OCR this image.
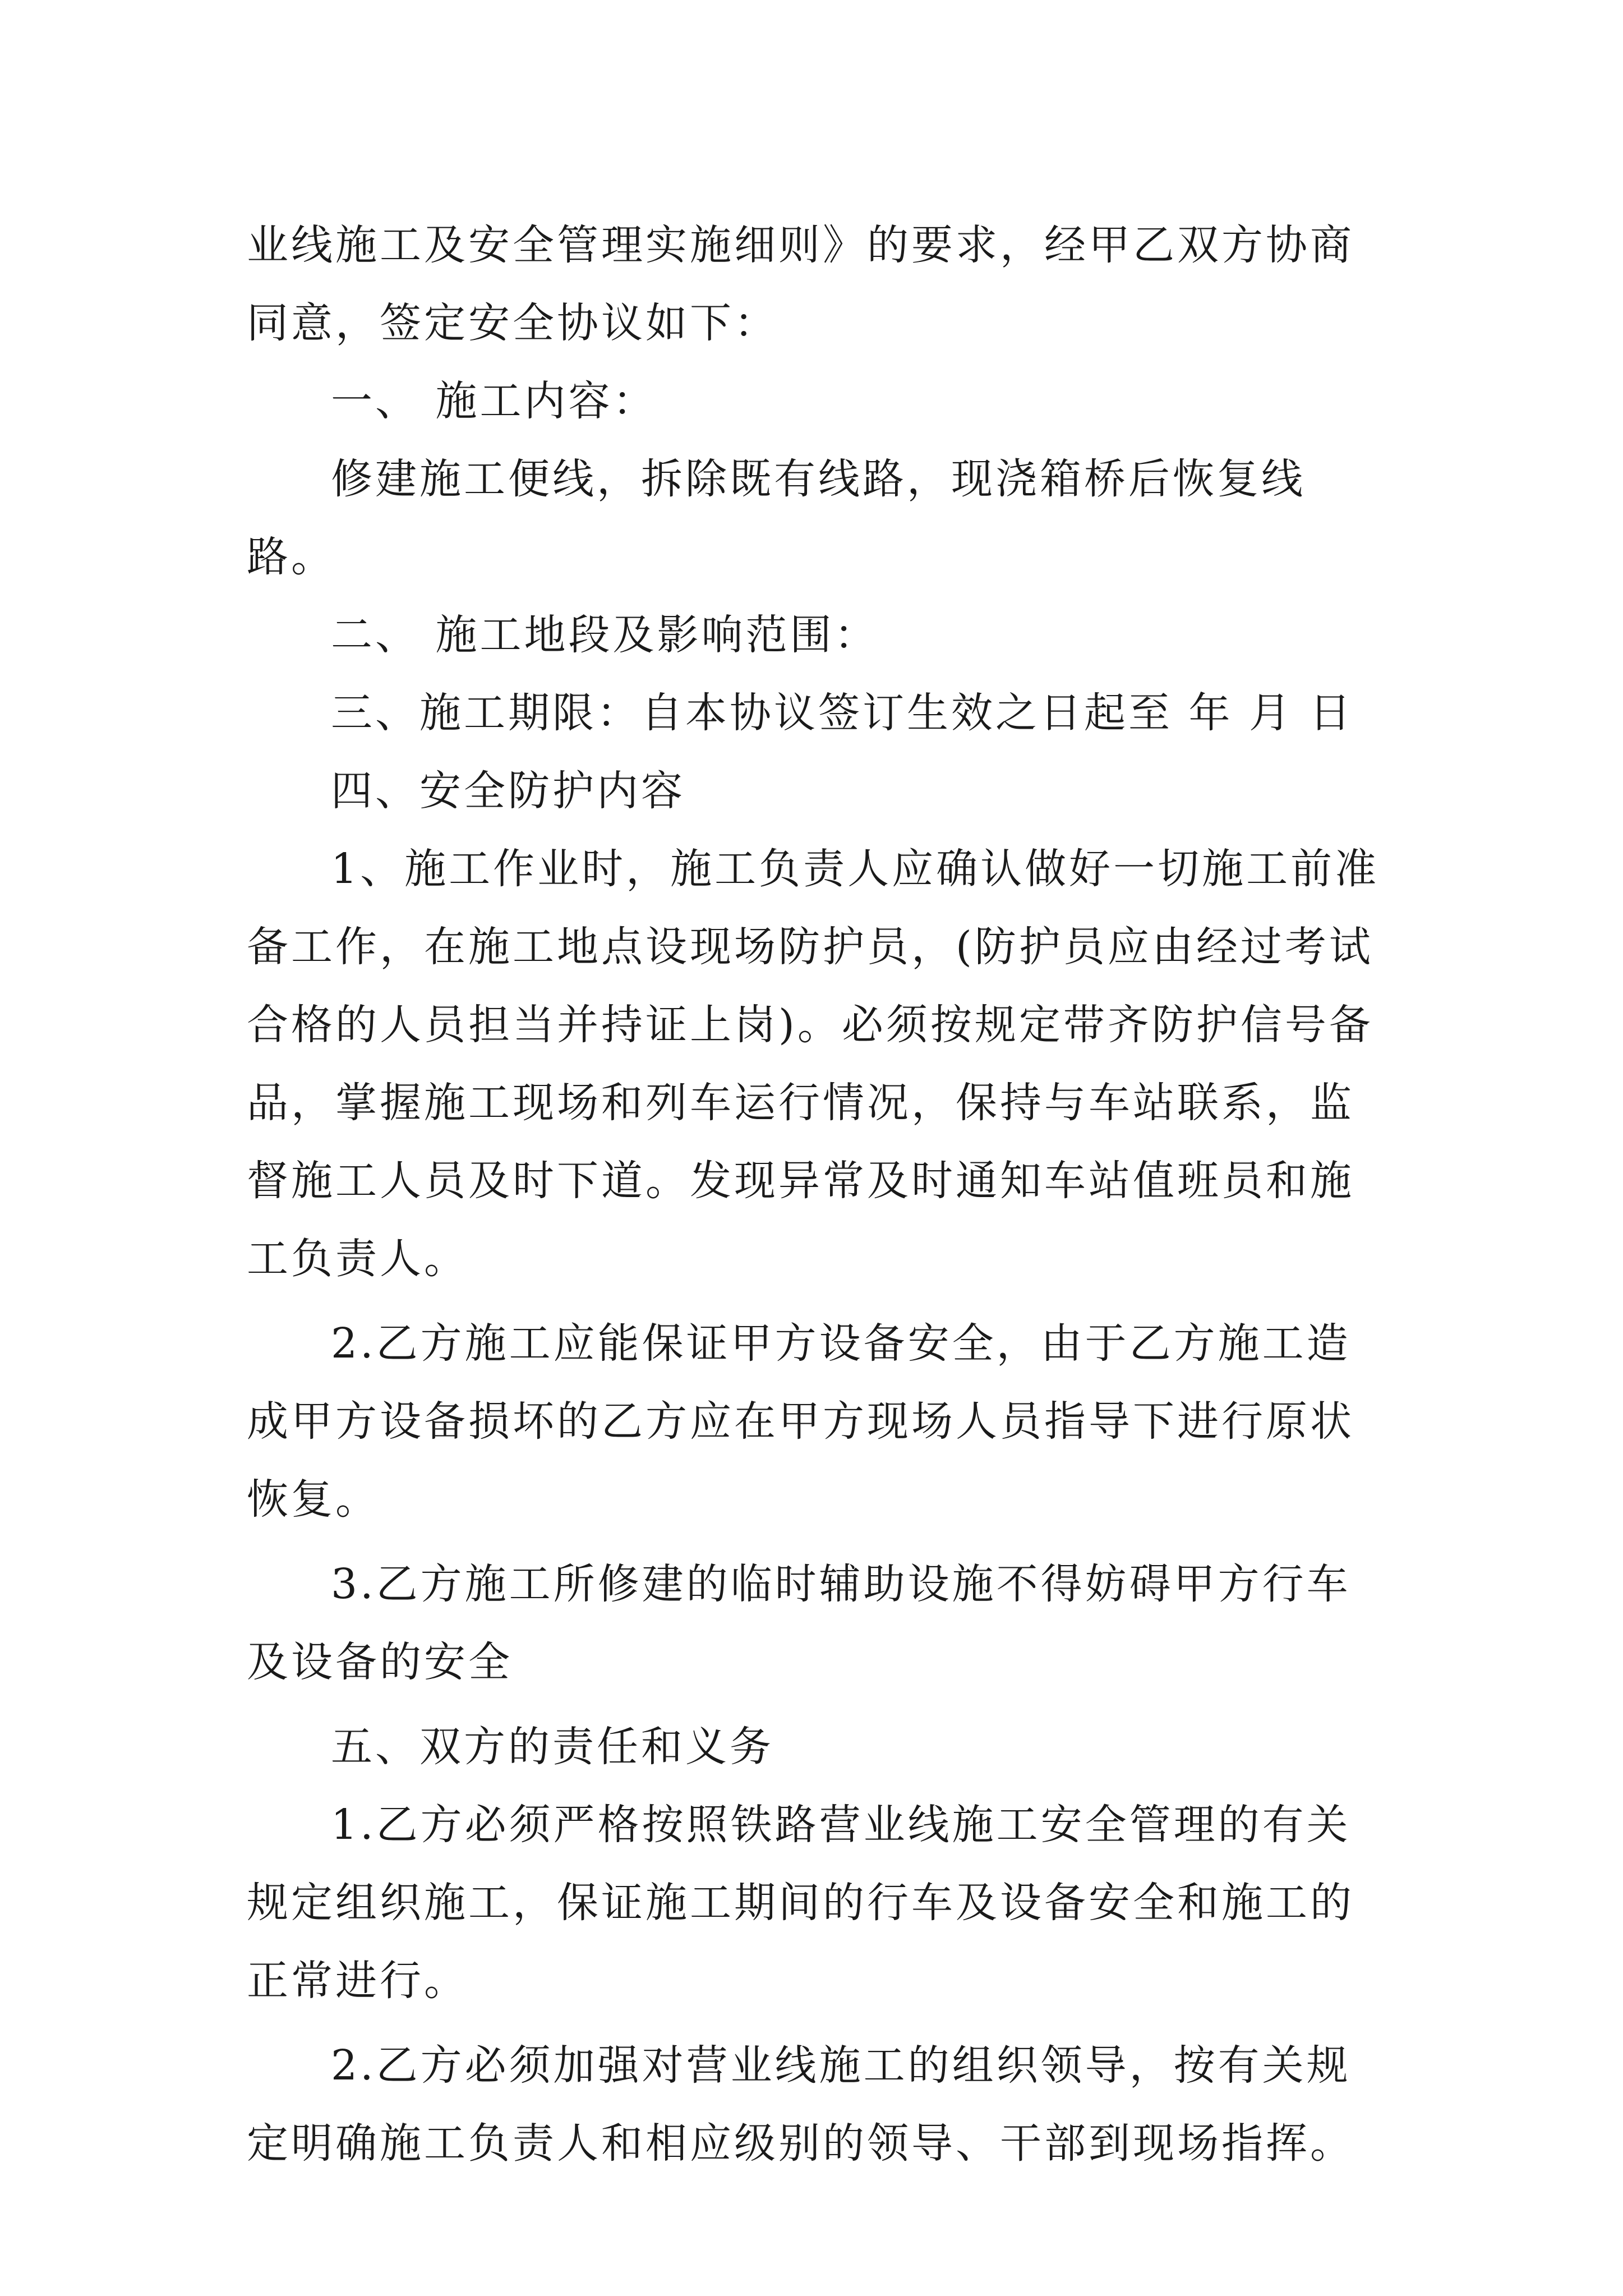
业线施工及安全管理实施细则》的要求，经甲乙双方协商同意，签定安全协议如下：

一、 施工内容：

修建施工便线，拆除既有线路，现浇箱桥后恢复线路。

二、 施工地段及影响范围：

三、施工期限：自本协议签订生效之日起至 年 月 日

四、安全防护内容

1、施工作业时，施工负责人应确认做好一切施工前准备工作，在施工地点设现场防护员，(防护员应由经过考试合格的人员担当并持证上岗)。必须按规定带齐防护信号备品，掌握施工现场和列车运行情况，保持与车站联系，监督施工人员及时下道。发现异常及时通知车站值班员和施工负责人。

2.乙方施工应能保证甲方设备安全，由于乙方施工造成甲方设备损坏的乙方应在甲方现场人员指导下进行原状恢复。

3.乙方施工所修建的临时辅助设施不得妨碍甲方行车及设备的安全

五、双方的责任和义务

1.乙方必须严格按照铁路营业线施工安全管理的有关规定组织施工，保证施工期间的行车及设备安全和施工的正常进行。

2.乙方必须加强对营业线施工的组织领导，按有关规定明确施工负责人和相应级别的领导、干部到现场指挥。
